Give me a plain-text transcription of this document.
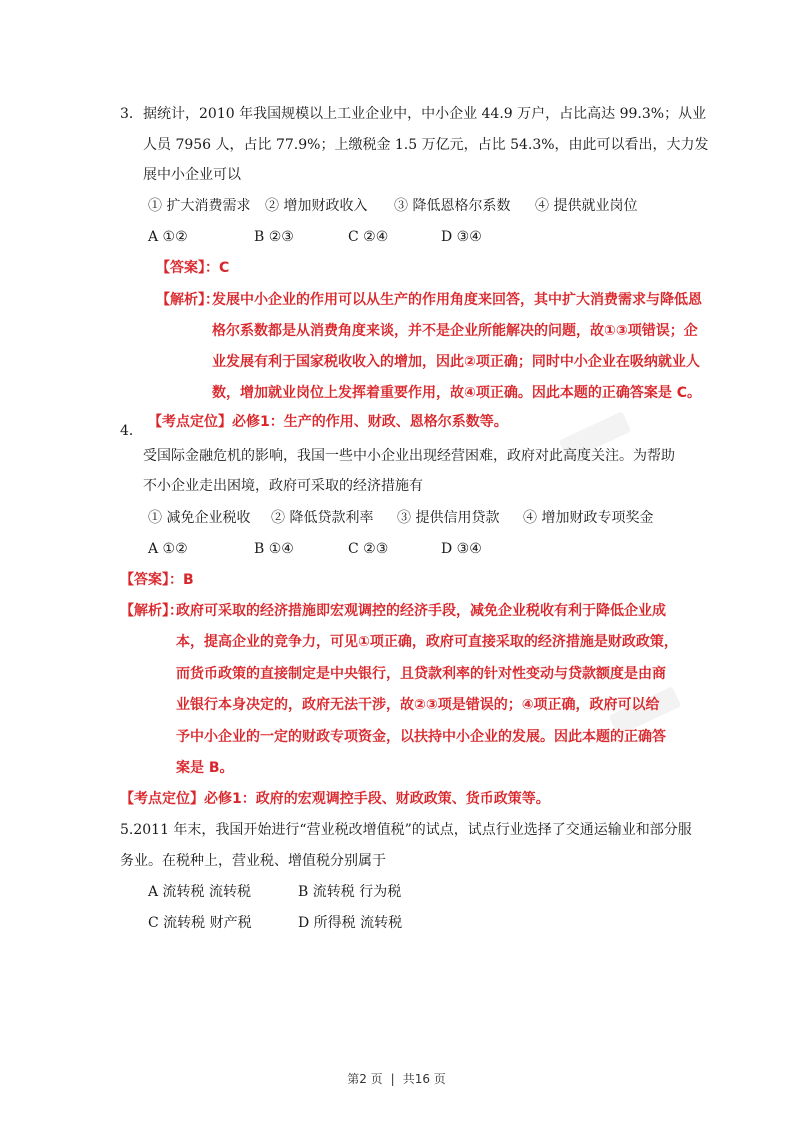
3． 据统计，2010 年我国规模以上工业企业中，中小企业 44.9 万户，占比高达 99.3%；从业
人员 7956 人，占比 77.9%；上缴税金 1.5 万亿元，占比 54.3%，由此可以看出，大力发
展中小企业可以
① 扩大消费需求 ② 增加财政收入 ③ 降低恩格尔系数 ④ 提供就业岗位
A ①②	B ②③	C ②④	D ③④
【答案】：C
【解析】：
发展中小企业的作用可以从生产的作用角度来回答，其中扩大消费需求与降低恩
格尔系数都是从消费角度来谈，并不是企业所能解决的问题，故①③项错误；企
业发展有利于国家税收收入的增加，因此②项正确；同时中小企业在吸纳就业人
数，增加就业岗位上发挥着重要作用，故④项正确。因此本题的正确答案是 C。
【考点定位】必修1：生产的作用、财政、恩格尔系数等。
4．
受国际金融危机的影响，我国一些中小企业出现经营困难，政府对此高度关注。为帮助
不小企业走出困境，政府可采取的经济措施有
① 减免企业税收 ② 降低贷款利率 ③ 提供信用贷款 ④ 增加财政专项奖金
A ①②	B ①④	C ②③	D ③④
【答案】：B
【解析】：
政府可采取的经济措施即宏观调控的经济手段，减免企业税收有利于降低企业成
本，提高企业的竞争力，可见①项正确，政府可直接采取的经济措施是财政政策，
而货币政策的直接制定是中央银行，且贷款利率的针对性变动与贷款额度是由商
业银行本身决定的，政府无法干涉，故②③项是错误的；④项正确，政府可以给
予中小企业的一定的财政专项资金，以扶持中小企业的发展。因此本题的正确答
案是 B。
【考点定位】必修1：政府的宏观调控手段、财政政策、货币政策等。
5.2011 年末，我国开始进行“营业税改增值税”的试点，试点行业选择了交通运输业和部分服
务业。在税种上，营业税、增值税分别属于
A 流转税 流转税	B 流转税 行为税
C 流转税 财产税	D 所得税 流转税
第2 页 | 共16 页
